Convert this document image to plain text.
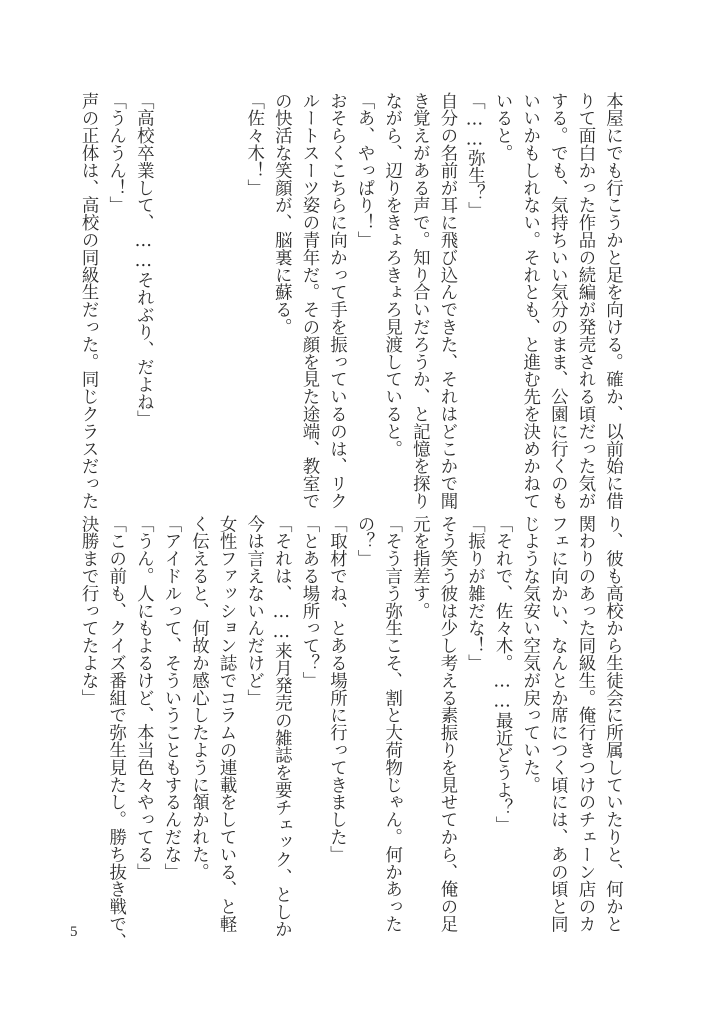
本屋にでも行こうかと足を向ける。確か、以前始に借
りて面白かった作品の続編が発売される頃だった気が
する。でも、気持ちいい気分のまま、公園に行くのも
いいかもしれない。それとも、と進む先を決めかねて
いると。
「……弥生？」
自分の名前が耳に飛び込んできた、それはどこかで聞
き覚えがある声で。知り合いだろうか、と記憶を探り
ながら、辺りをきょろきょろ見渡していると。
「あ、やっぱり！」
おそらくこちらに向かって手を振っているのは、リク
ルートスーツ姿の青年だ。その顔を見た途端、教室で
の快活な笑顔が、脳裏に蘇る。
「佐々木！」
「高校卒業して、……それぶり、だよね」
「うんうん！」
声の正体は、高校の同級生だった。同じクラスだった
り、彼も高校から生徒会に所属していたりと、何かと
関わりのあった同級生。俺行きつけのチェーン店のカ
フェに向かい、なんとか席につく頃には、あの頃と同
じような気安い空気が戻っていた。
「それで、佐々木。……最近どうよ？」
「振りが雑だな！」
そう笑う彼は少し考える素振りを見せてから、俺の足
元を指差す。
「そう言う弥生こそ、割と大荷物じゃん。何かあった
の？」
「取材でね、とある場所に行ってきました」
「とある場所って？」
「それは、……来月発売の雑誌を要チェック、としか
今は言えないんだけど」
女性ファッション誌でコラムの連載をしている、と軽
く伝えると、何故か感心したように頷かれた。
「アイドルって、そういうこともするんだな」
「うん。人にもよるけど、本当色々やってる」
「この前も、クイズ番組で弥生見たし。勝ち抜き戦で、
決勝まで行ってたよな」
5
